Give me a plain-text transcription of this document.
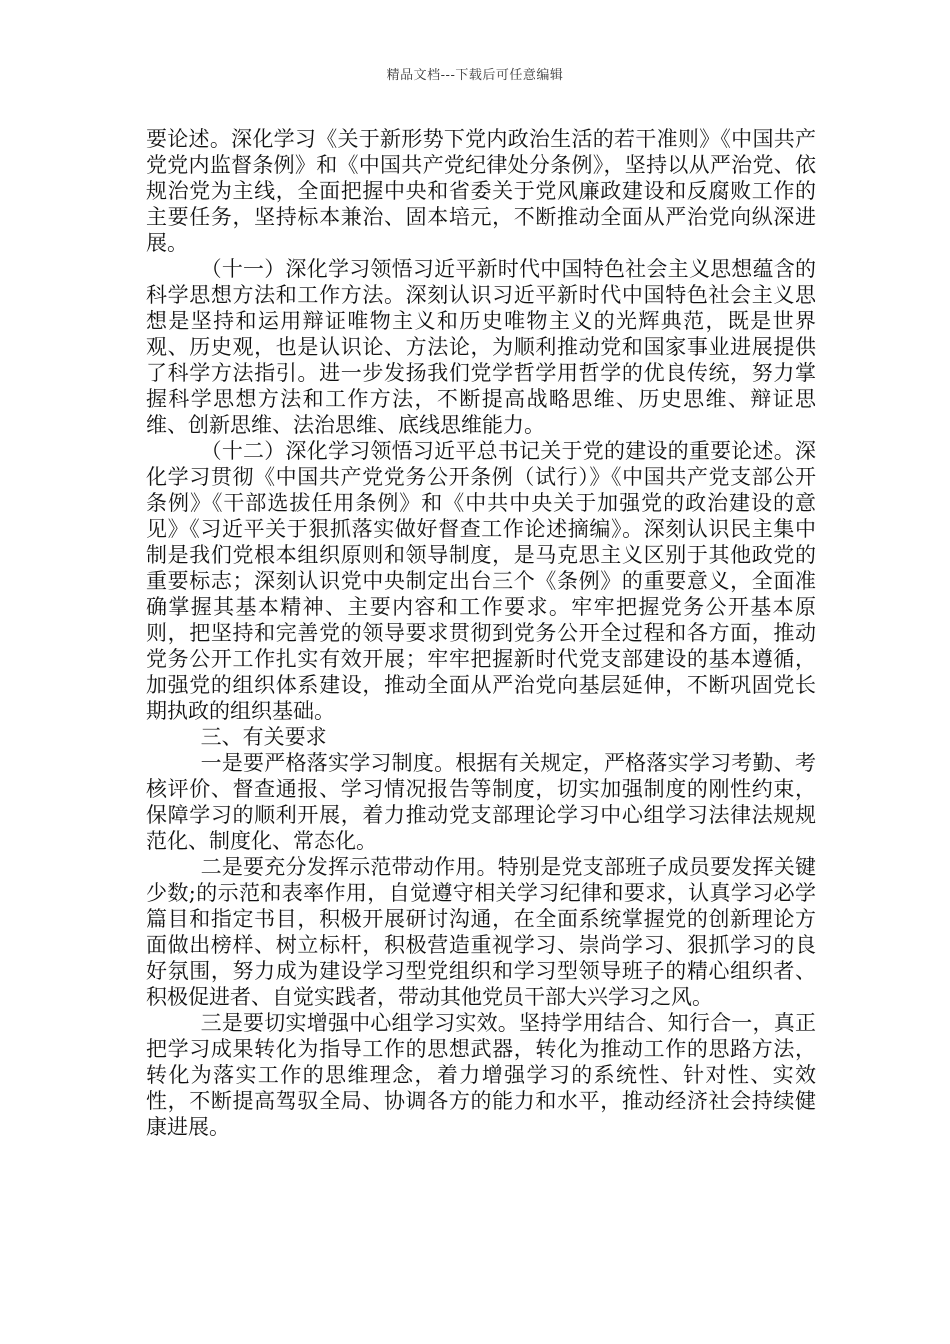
精品文档---下载后可任意编辑

要论述。深化学习《关于新形势下党内政治生活的若干准则》《中国共产党党内监督条例》和《中国共产党纪律处分条例》，坚持以从严治党、依规治党为主线，全面把握中央和省委关于党风廉政建设和反腐败工作的主要任务，坚持标本兼治、固本培元，不断推动全面从严治党向纵深进展。

（十一）深化学习领悟习近平新时代中国特色社会主义思想蕴含的科学思想方法和工作方法。深刻认识习近平新时代中国特色社会主义思想是坚持和运用辩证唯物主义和历史唯物主义的光辉典范，既是世界观、历史观，也是认识论、方法论，为顺利推动党和国家事业进展提供了科学方法指引。进一步发扬我们党学哲学用哲学的优良传统，努力掌握科学思想方法和工作方法，不断提高战略思维、历史思维、辩证思维、创新思维、法治思维、底线思维能力。

（十二）深化学习领悟习近平总书记关于党的建设的重要论述。深化学习贯彻《中国共产党党务公开条例（试行）》《中国共产党支部公开条例》《干部选拔任用条例》和《中共中央关于加强党的政治建设的意见》《习近平关于狠抓落实做好督查工作论述摘编》。深刻认识民主集中制是我们党根本组织原则和领导制度，是马克思主义区别于其他政党的重要标志；深刻认识党中央制定出台三个《条例》的重要意义，全面准确掌握其基本精神、主要内容和工作要求。牢牢把握党务公开基本原则，把坚持和完善党的领导要求贯彻到党务公开全过程和各方面，推动党务公开工作扎实有效开展；牢牢把握新时代党支部建设的基本遵循，加强党的组织体系建设，推动全面从严治党向基层延伸，不断巩固党长期执政的组织基础。

三、有关要求

一是要严格落实学习制度。根据有关规定，严格落实学习考勤、考核评价、督查通报、学习情况报告等制度，切实加强制度的刚性约束，保障学习的顺利开展，着力推动党支部理论学习中心组学习法律法规规范化、制度化、常态化。

二是要充分发挥示范带动作用。特别是党支部班子成员要发挥关键少数;的示范和表率作用，自觉遵守相关学习纪律和要求，认真学习必学篇目和指定书目，积极开展研讨沟通，在全面系统掌握党的创新理论方面做出榜样、树立标杆，积极营造重视学习、崇尚学习、狠抓学习的良好氛围，努力成为建设学习型党组织和学习型领导班子的精心组织者、积极促进者、自觉实践者，带动其他党员干部大兴学习之风。

三是要切实增强中心组学习实效。坚持学用结合、知行合一，真正把学习成果转化为指导工作的思想武器，转化为推动工作的思路方法，转化为落实工作的思维理念，着力增强学习的系统性、针对性、实效性，不断提高驾驭全局、协调各方的能力和水平，推动经济社会持续健康进展。
